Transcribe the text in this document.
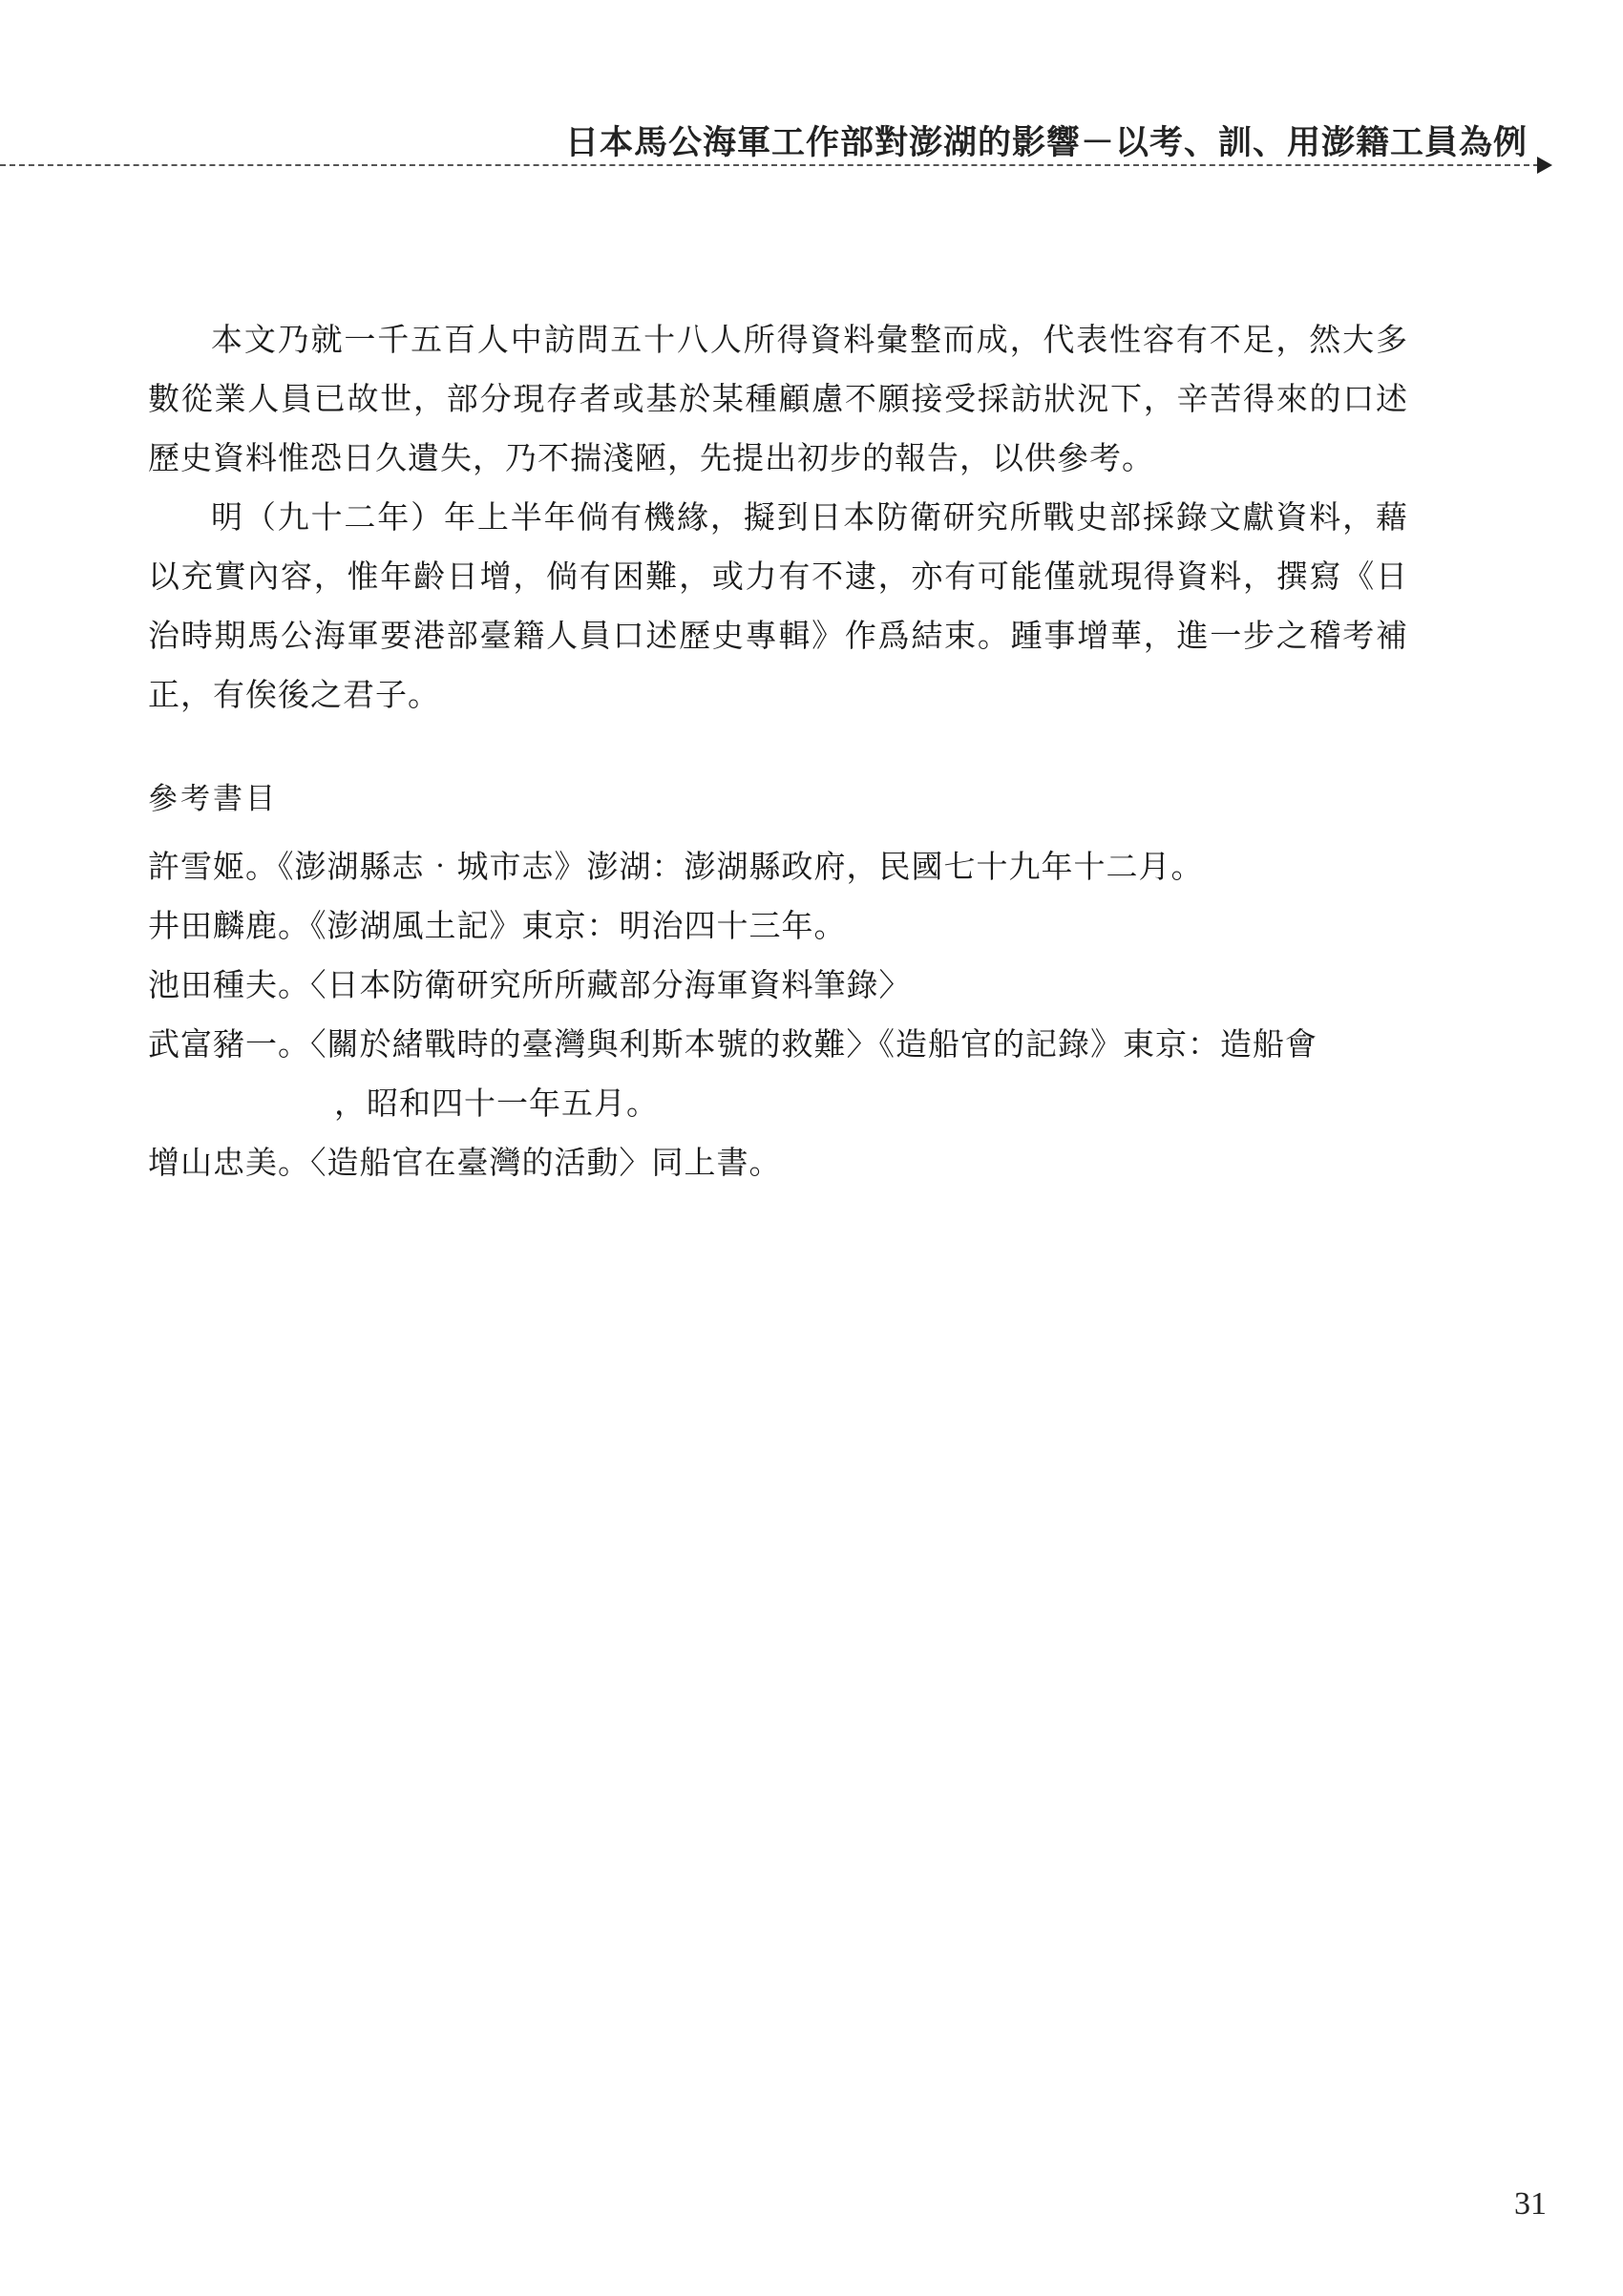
日本馬公海軍工作部對澎湖的影響－以考、訓、用澎籍工員為例

本文乃就一千五百人中訪問五十八人所得資料彙整而成，代表性容有不足，然大多數從業人員已故世，部分現存者或基於某種顧慮不願接受採訪狀況下，辛苦得來的口述歷史資料惟恐日久遺失，乃不揣淺陋，先提出初步的報告，以供參考。

明（九十二年）年上半年倘有機緣，擬到日本防衛研究所戰史部採錄文獻資料，藉以充實內容，惟年齡日增，倘有困難，或力有不逮，亦有可能僅就現得資料，撰寫《日治時期馬公海軍要港部臺籍人員口述歷史專輯》作爲結束。踵事增華，進一步之稽考補正，有俟後之君子。

參考書目
許雪姬。《澎湖縣志‧城市志》澎湖：澎湖縣政府，民國七十九年十二月。
井田麟鹿。《澎湖風土記》東京：明治四十三年。
池田種夫。〈日本防衛研究所所藏部分海軍資料筆錄〉
武富豬一。〈關於緒戰時的臺灣與利斯本號的救難〉《造船官的記錄》東京：造船會
，昭和四十一年五月。
增山忠美。〈造船官在臺灣的活動〉同上書。
31
